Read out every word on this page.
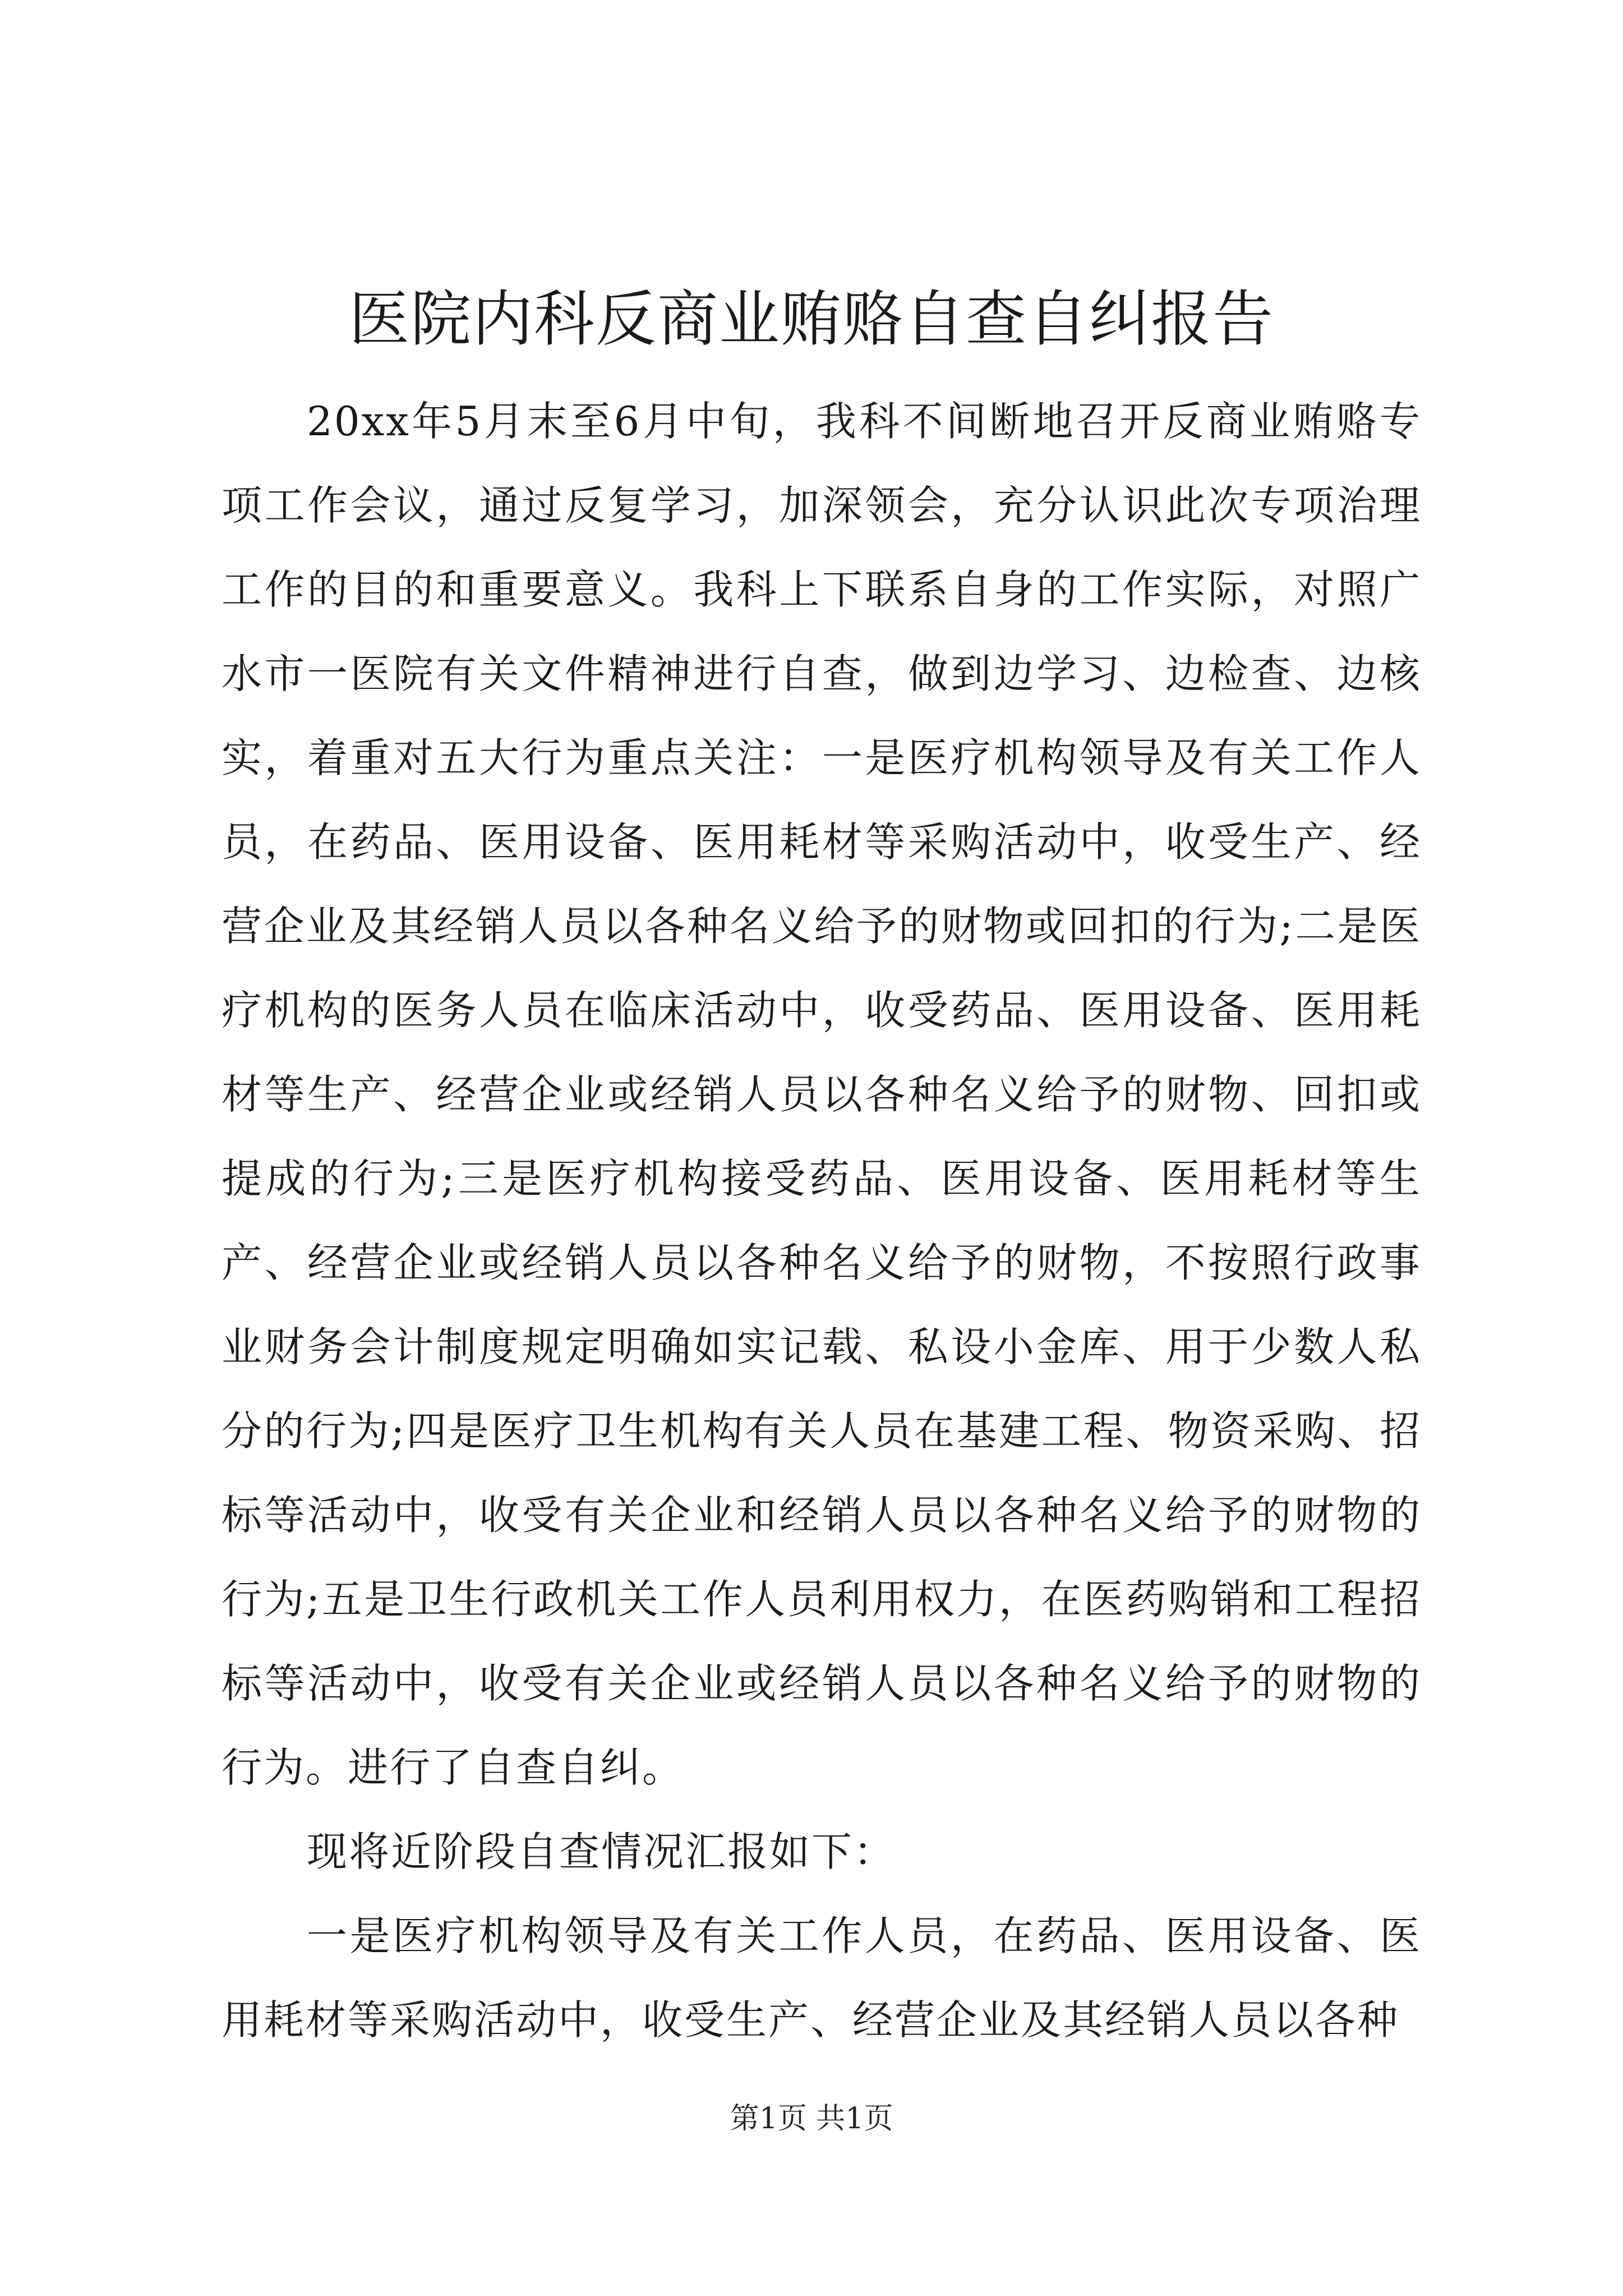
医院内科反商业贿赂自查自纠报告

20xx年5月末至6月中旬，我科不间断地召开反商业贿赂专项工作会议，通过反复学习，加深领会，充分认识此次专项治理工作的目的和重要意义。我科上下联系自身的工作实际，对照广水市一医院有关文件精神进行自查，做到边学习、边检查、边核实，着重对五大行为重点关注：一是医疗机构领导及有关工作人员，在药品、医用设备、医用耗材等采购活动中，收受生产、经营企业及其经销人员以各种名义给予的财物或回扣的行为;二是医疗机构的医务人员在临床活动中，收受药品、医用设备、医用耗材等生产、经营企业或经销人员以各种名义给予的财物、回扣或提成的行为;三是医疗机构接受药品、医用设备、医用耗材等生产、经营企业或经销人员以各种名义给予的财物，不按照行政事业财务会计制度规定明确如实记载、私设小金库、用于少数人私分的行为;四是医疗卫生机构有关人员在基建工程、物资采购、招标等活动中，收受有关企业和经销人员以各种名义给予的财物的行为;五是卫生行政机关工作人员利用权力，在医药购销和工程招标等活动中，收受有关企业或经销人员以各种名义给予的财物的行为。进行了自查自纠。

现将近阶段自查情况汇报如下：

一是医疗机构领导及有关工作人员，在药品、医用设备、医用耗材等采购活动中，收受生产、经营企业及其经销人员以各种

第1页 共1页
